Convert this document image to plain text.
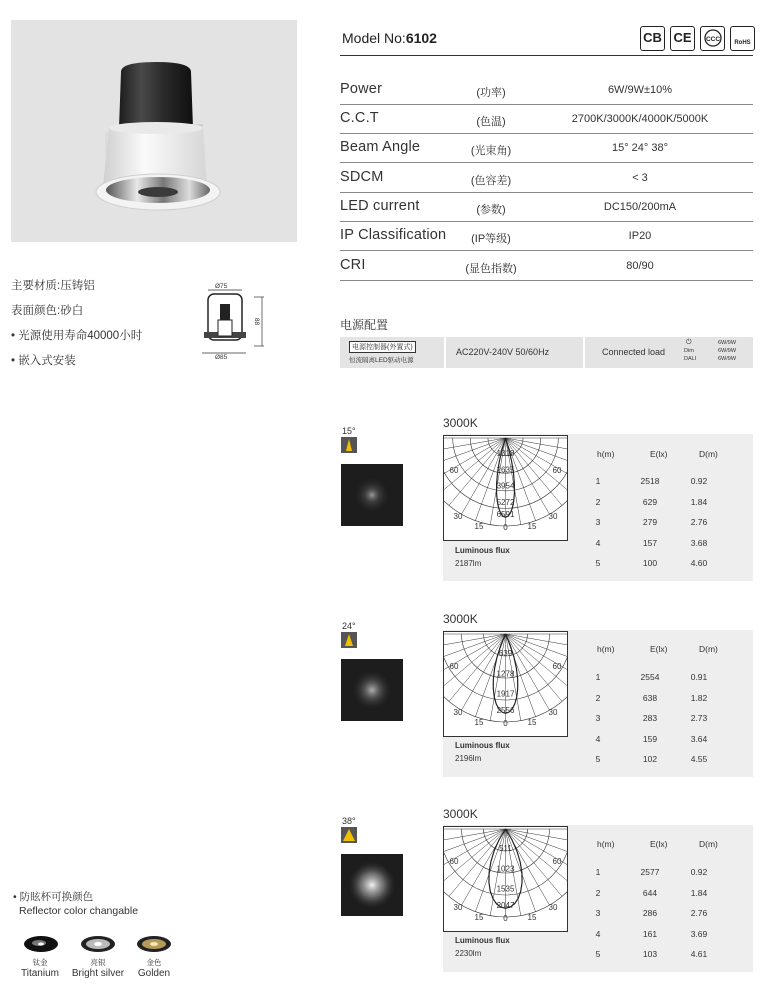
主要材质:压铸铝
表面颜色:砂白
• 光源使用寿命40000小时
• 嵌入式安装
Ø75
88
Ø85
Model No:6102	CB CE	CCC	RoHS
Power	(功率)	6W/9W±10%
C.C.T	(色温)	2700K/3000K/4000K/5000K
Beam Angle	(光束角)	15° 24° 38°
SDCM	(色容差)	< 3
LED current	(参数)	DC150/200mA
IP Classification	(IP等级)	IP20
CRI	(显色指数)	80/90
电源配置
电源控制器(外置式)
恒流隔离LED驱动电源
AC220V-240V 50/60Hz	Connected load
⏻
Dim
DALI
6W/9W
6W/9W
6W/9W
15°
3000K
1318
2635
3954
5272
6591
60	60
30	30
15	15
0
Luminous flux
2187lm
h(m)	E(lx)	D(m)
1	2518	0.92
2	629	1.84
3	279	2.76
4	157	3.68
5	100	4.60
24°	3000K
639
1278
1917
2556
60	60
30	30
15	15
0
Luminous flux
2196lm
h(m)	E(lx)	D(m)
1	2554	0.91
2	638	1.82
3	283	2.73
4	159	3.64
5	102	4.55
38°	3000K
511
1023
1535
2047
60	60
30	30
15	15
0
Luminous flux
2230lm
h(m)	E(lx)	D(m)
1	2577	0.92
2	644	1.84
3	286	2.76
4	161	3.69
5	103	4.61
• 防眩杯可换颜色
Reflector color changable
钛金
Titanium
亮银
Bright silver
金色
Golden
